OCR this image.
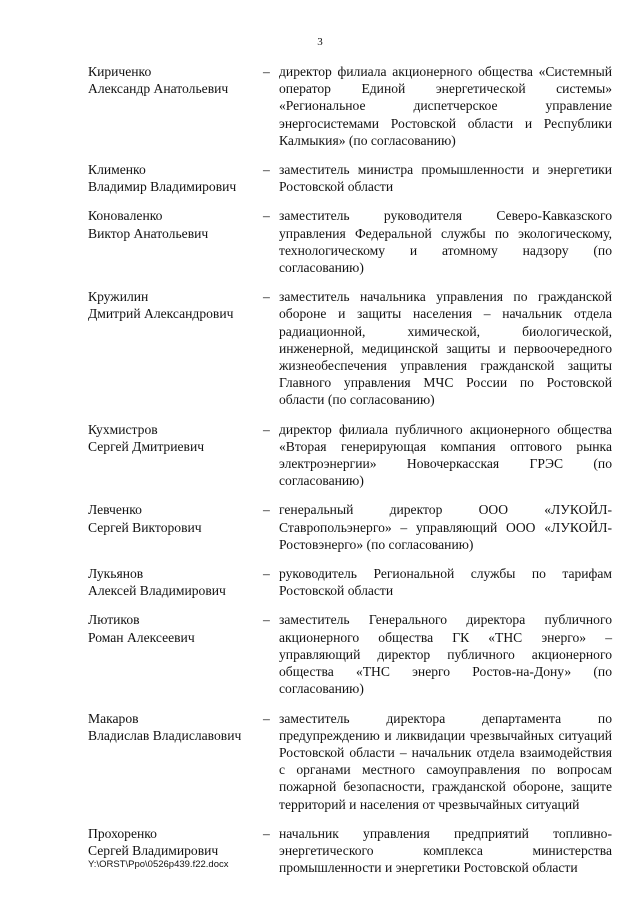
3
Кириченко
Александр Анатольевич
– директор филиала акционерного общества «Системный оператор Единой энергетической системы» «Региональное диспетчерское управление энергосистемами Ростовской области и Республики Калмыкия» (по согласованию)
Клименко
Владимир Владимирович
– заместитель министра промышленности и энергетики Ростовской области
Коноваленко
Виктор Анатольевич
– заместитель руководителя Северо-Кавказского управления Федеральной службы по экологическому, технологическому и атомному надзору (по согласованию)
Кружилин
Дмитрий Александрович
– заместитель начальника управления по гражданской обороне и защиты населения – начальник отдела радиационной, химической, биологической, инженерной, медицинской защиты и первоочередного жизнеобеспечения управления гражданской защиты Главного управления МЧС России по Ростовской области (по согласованию)
Кухмистров
Сергей Дмитриевич
– директор филиала публичного акционерного общества «Вторая генерирующая компания оптового рынка электроэнергии» Новочеркасская ГРЭС (по согласованию)
Левченко
Сергей Викторович
– генеральный директор ООО «ЛУКОЙЛ-Ставропольэнерго» – управляющий ООО «ЛУКОЙЛ-Ростовэнерго» (по согласованию)
Лукьянов
Алексей Владимирович
– руководитель Региональной службы по тарифам Ростовской области
Лютиков
Роман Алексеевич
– заместитель Генерального директора публичного акционерного общества ГК «ТНС энерго» – управляющий директор публичного акционерного общества «ТНС энерго Ростов-на-Дону» (по согласованию)
Макаров
Владислав Владиславович
– заместитель директора департамента по предупреждению и ликвидации чрезвычайных ситуаций Ростовской области – начальник отдела взаимодействия с органами местного самоуправления по вопросам пожарной безопасности, гражданской обороне, защите территорий и населения от чрезвычайных ситуаций
Прохоренко
Сергей Владимирович
– начальник управления предприятий топливно-энергетического комплекса министерства промышленности и энергетики Ростовской области
Y:\ORST\Ppo\0526p439.f22.docx
